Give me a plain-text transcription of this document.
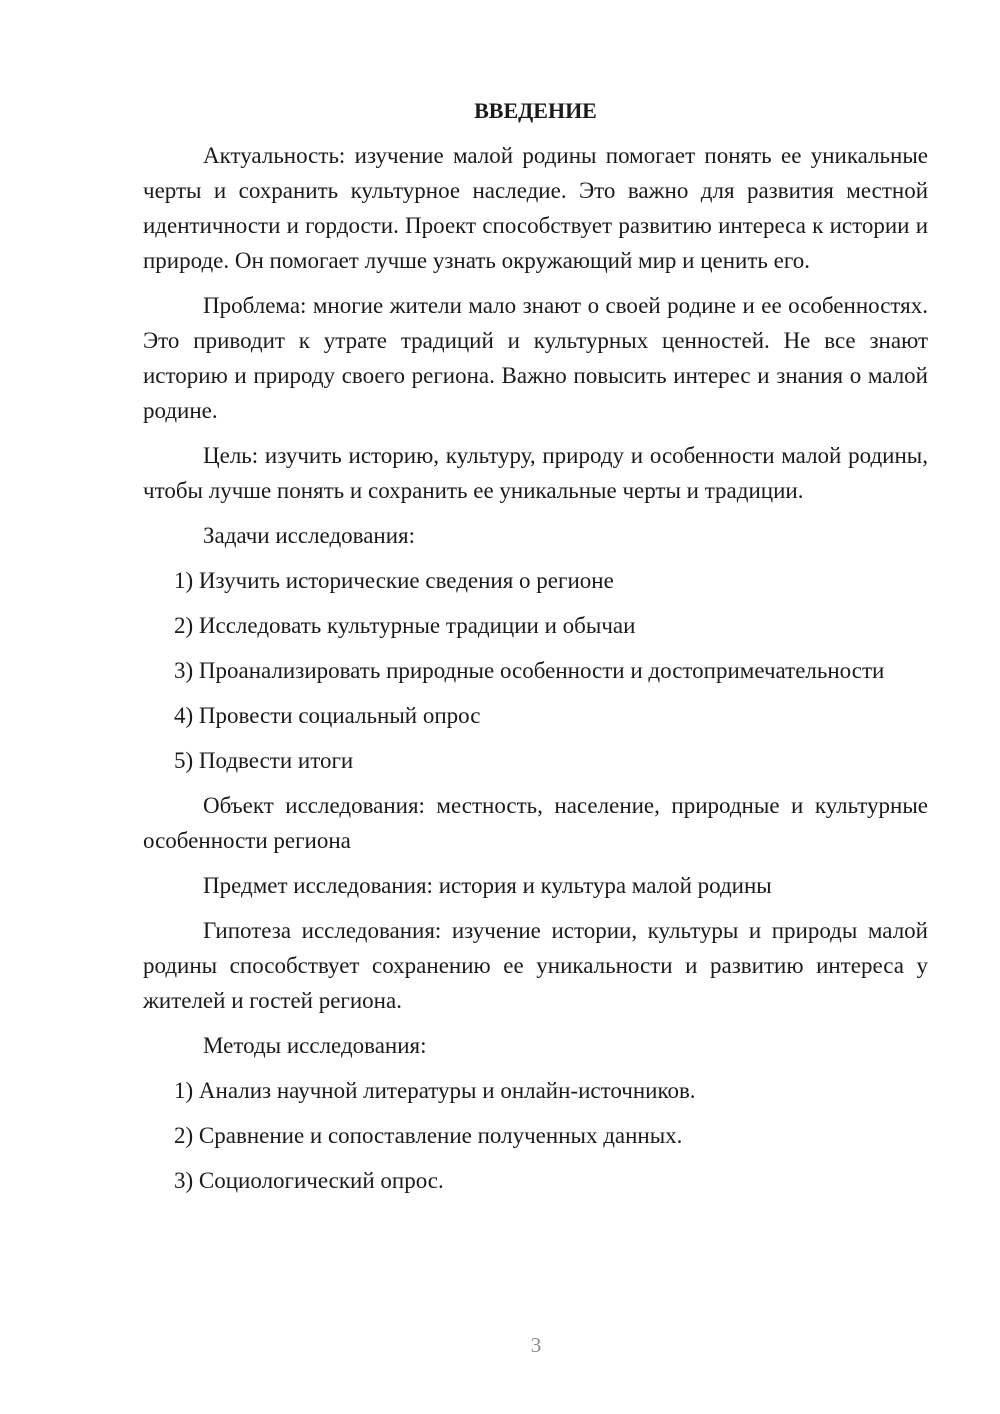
ВВЕДЕНИЕ
Актуальность: изучение малой родины помогает понять ее уникальные черты и сохранить культурное наследие. Это важно для развития местной идентичности и гордости. Проект способствует развитию интереса к истории и природе. Он помогает лучше узнать окружающий мир и ценить его.
Проблема: многие жители мало знают о своей родине и ее особенностях. Это приводит к утрате традиций и культурных ценностей. Не все знают историю и природу своего региона. Важно повысить интерес и знания о малой родине.
Цель: изучить историю, культуру, природу и особенности малой родины, чтобы лучше понять и сохранить ее уникальные черты и традиции.
Задачи исследования:
1) Изучить исторические сведения о регионе
2) Исследовать культурные традиции и обычаи
3) Проанализировать природные особенности и достопримечательности
4) Провести социальный опрос
5) Подвести итоги
Объект исследования: местность, население, природные и культурные особенности региона
Предмет исследования: история и культура малой родины
Гипотеза исследования: изучение истории, культуры и природы малой родины способствует сохранению ее уникальности и развитию интереса у жителей и гостей региона.
Методы исследования:
1) Анализ научной литературы и онлайн-источников.
2) Сравнение и сопоставление полученных данных.
3) Социологический опрос.
3
